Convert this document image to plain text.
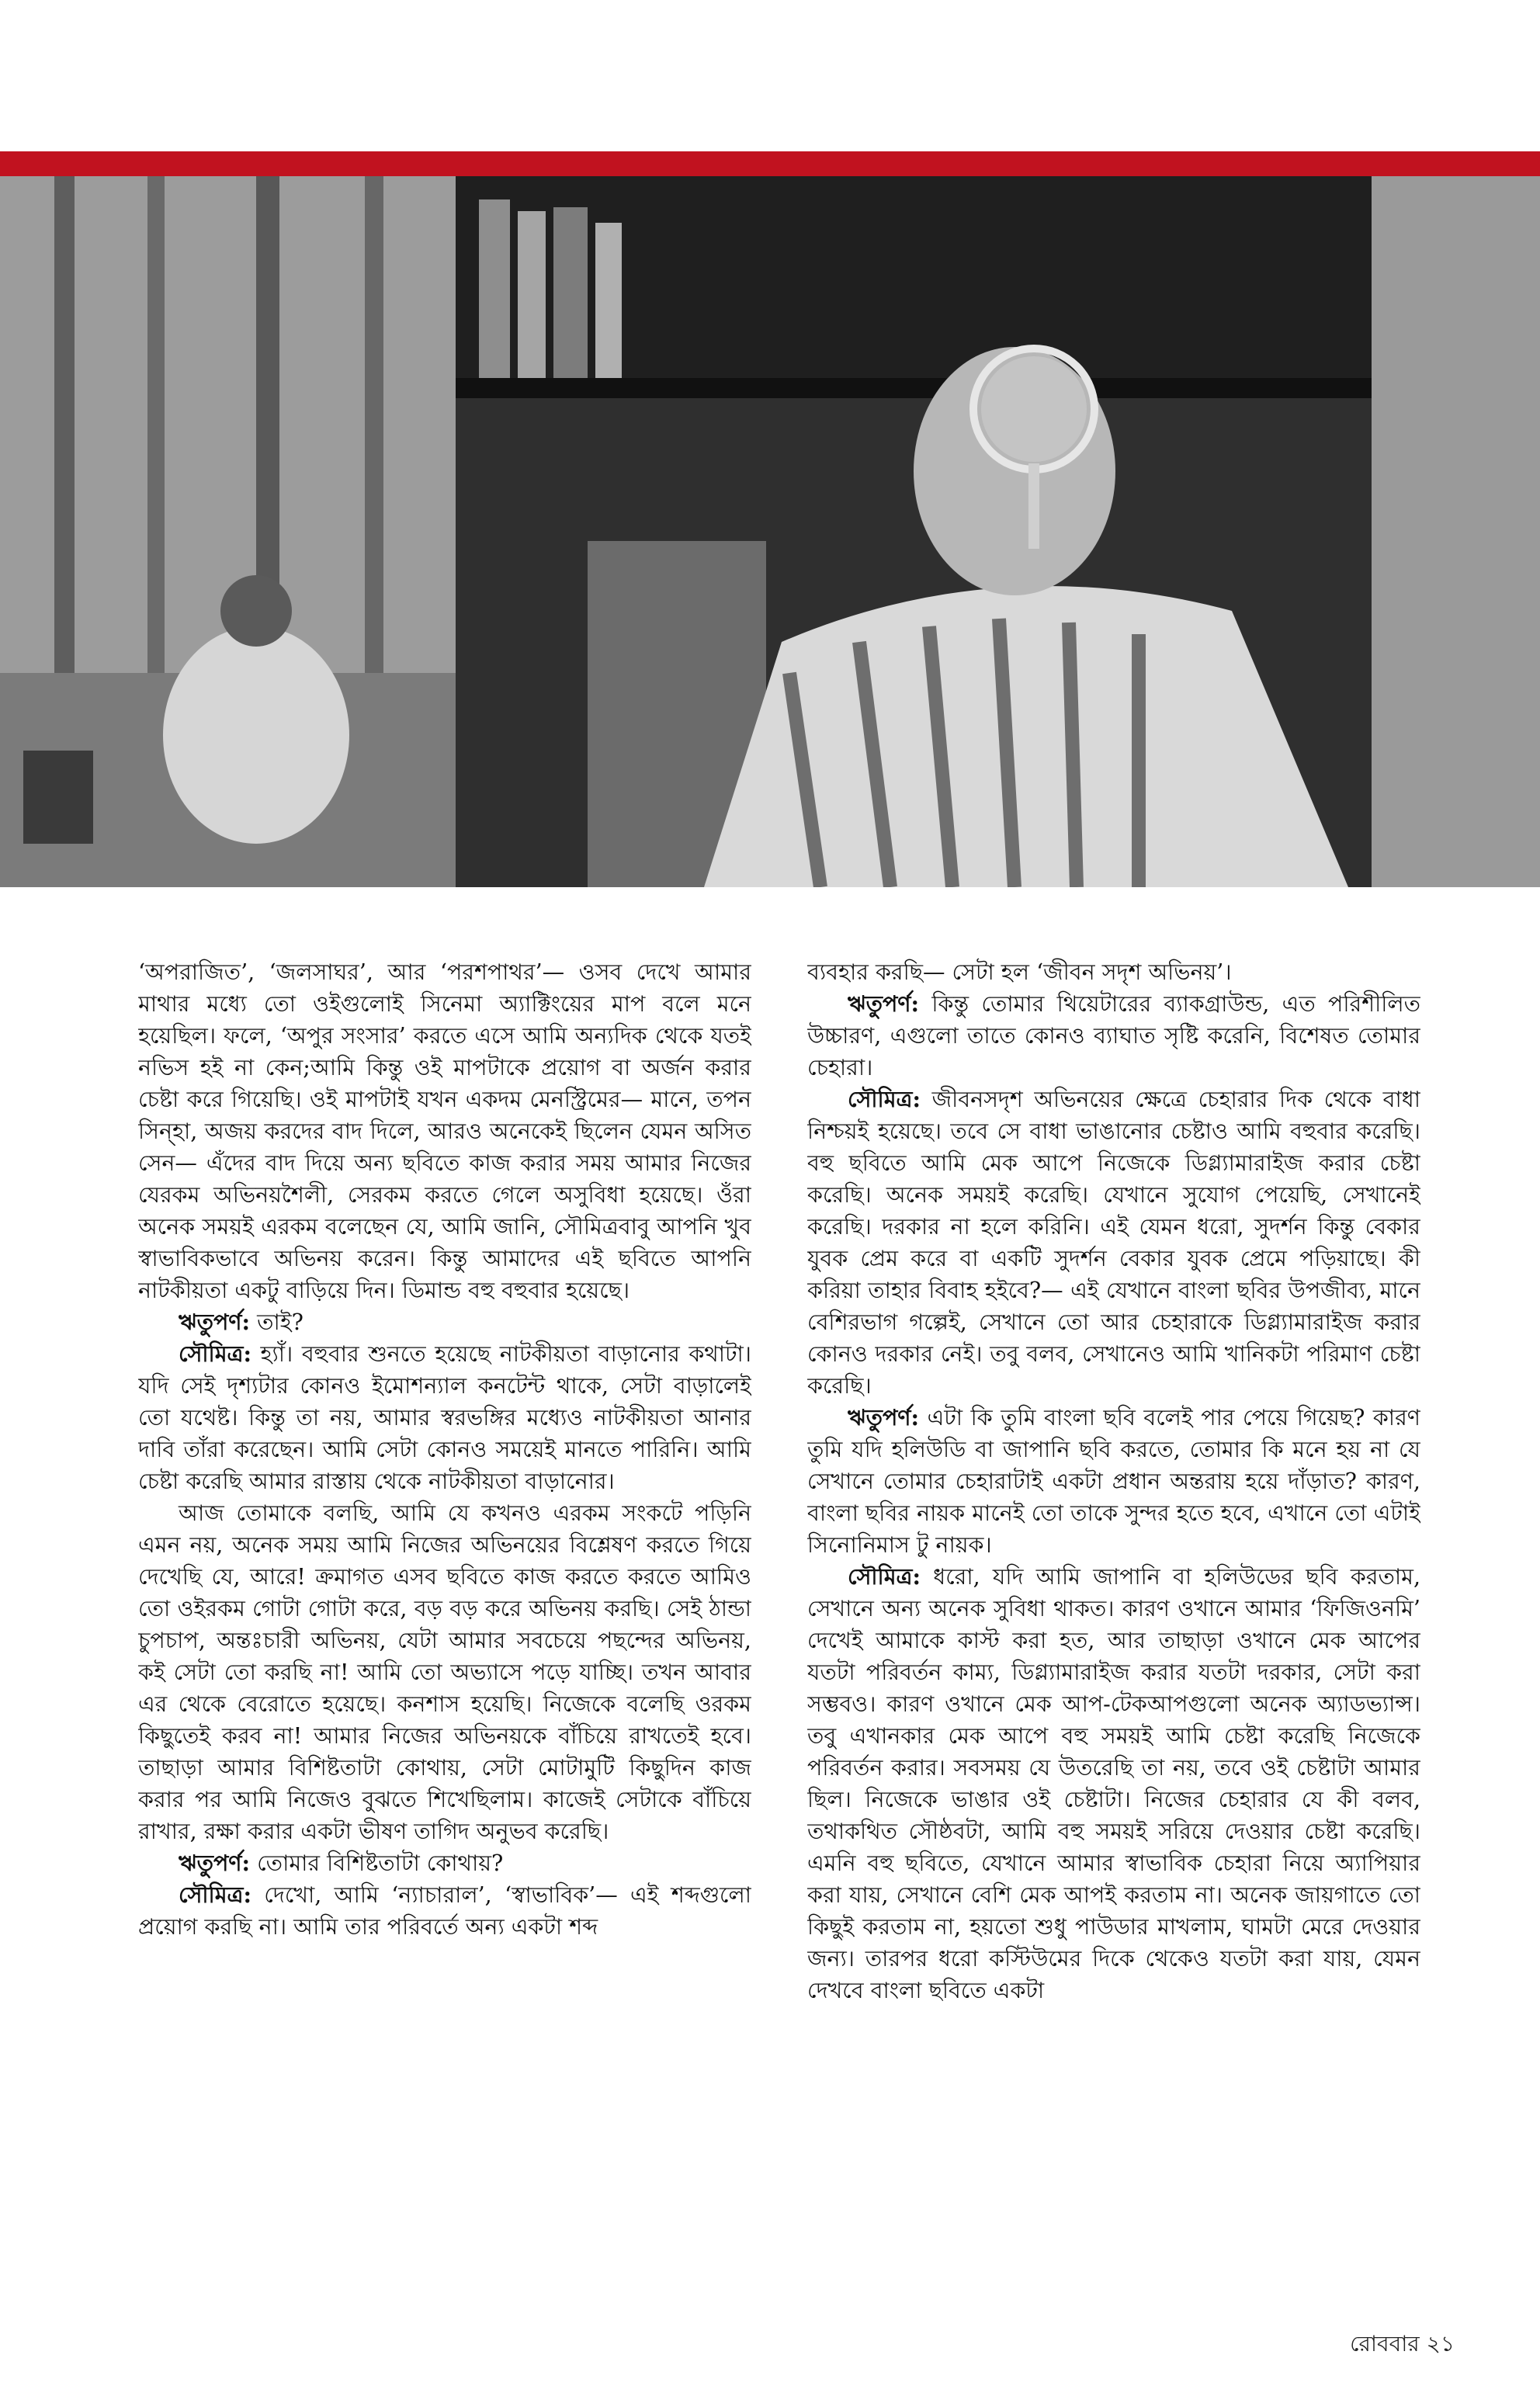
‘অপরাজিত’, ‘জলসাঘর’, আর ‘পরশপাথর’— ওসব দেখে আমার মাথার মধ্যে তো ওইগুলোই সিনেমা অ্যাক্টিংয়ের মাপ বলে মনে হয়েছিল। ফলে, ‘অপুর সংসার’ করতে এসে আমি অন্যদিক থেকে যতই নভিস হই না কেন;আমি কিন্তু ওই মাপটাকে প্রয়োগ বা অর্জন করার চেষ্টা করে গিয়েছি। ওই মাপটাই যখন একদম মেনস্ট্রিমের— মানে, তপন সিন্হা, অজয় করদের বাদ দিলে, আরও অনেকেই ছিলেন যেমন অসিত সেন— এঁদের বাদ দিয়ে অন্য ছবিতে কাজ করার সময় আমার নিজের যেরকম অভিনয়শৈলী, সেরকম করতে গেলে অসুবিধা হয়েছে। ওঁরা অনেক সময়ই এরকম বলেছেন যে, আমি জানি, সৌমিত্রবাবু আপনি খুব স্বাভাবিকভাবে অভিনয় করেন। কিন্তু আমাদের এই ছবিতে আপনি নাটকীয়তা একটু বাড়িয়ে দিন। ডিমান্ড বহু বহুবার হয়েছে।

ঋতুপর্ণ: তাই?

সৌমিত্র: হ্যাঁ। বহুবার শুনতে হয়েছে নাটকীয়তা বাড়ানোর কথাটা। যদি সেই দৃশ্যটার কোনও ইমোশন্যাল কনটেন্ট থাকে, সেটা বাড়ালেই তো যথেষ্ট। কিন্তু তা নয়, আমার স্বরভঙ্গির মধ্যেও নাটকীয়তা আনার দাবি তাঁরা করেছেন। আমি সেটা কোনও সময়েই মানতে পারিনি। আমি চেষ্টা করেছি আমার রাস্তায় থেকে নাটকীয়তা বাড়ানোর।

আজ তোমাকে বলছি, আমি যে কখনও এরকম সংকটে পড়িনি এমন নয়, অনেক সময় আমি নিজের অভিনয়ের বিশ্লেষণ করতে গিয়ে দেখেছি যে, আরে! ক্রমাগত এসব ছবিতে কাজ করতে করতে আমিও তো ওইরকম গোটা গোটা করে, বড় বড় করে অভিনয় করছি। সেই ঠান্ডা চুপচাপ, অন্তঃচারী অভিনয়, যেটা আমার সবচেয়ে পছন্দের অভিনয়, কই সেটা তো করছি না! আমি তো অভ্যাসে পড়ে যাচ্ছি। তখন আবার এর থেকে বেরোতে হয়েছে। কনশাস হয়েছি। নিজেকে বলেছি ওরকম কিছুতেই করব না! আমার নিজের অভিনয়কে বাঁচিয়ে রাখতেই হবে। তাছাড়া আমার বিশিষ্টতাটা কোথায়, সেটা মোটামুটি কিছুদিন কাজ করার পর আমি নিজেও বুঝতে শিখেছিলাম। কাজেই সেটাকে বাঁচিয়ে রাখার, রক্ষা করার একটা ভীষণ তাগিদ অনুভব করেছি।

ঋতুপর্ণ: তোমার বিশিষ্টতাটা কোথায়?

সৌমিত্র: দেখো, আমি ‘ন্যাচারাল’, ‘স্বাভাবিক’— এই শব্দগুলো প্রয়োগ করছি না। আমি তার পরিবর্তে অন্য একটা শব্দ

ব্যবহার করছি— সেটা হল ‘জীবন সদৃশ অভিনয়’।

ঋতুপর্ণ: কিন্তু তোমার থিয়েটারের ব্যাকগ্রাউন্ড, এত পরিশীলিত উচ্চারণ, এগুলো তাতে কোনও ব্যাঘাত সৃষ্টি করেনি, বিশেষত তোমার চেহারা।

সৌমিত্র: জীবনসদৃশ অভিনয়ের ক্ষেত্রে চেহারার দিক থেকে বাধা নিশ্চয়ই হয়েছে। তবে সে বাধা ভাঙানোর চেষ্টাও আমি বহুবার করেছি। বহু ছবিতে আমি মেক আপে নিজেকে ডিগ্ল্যামারাইজ করার চেষ্টা করেছি। অনেক সময়ই করেছি। যেখানে সুযোগ পেয়েছি, সেখানেই করেছি। দরকার না হলে করিনি। এই যেমন ধরো, সুদর্শন কিন্তু বেকার যুবক প্রেম করে বা একটি সুদর্শন বেকার যুবক প্রেমে পড়িয়াছে। কী করিয়া তাহার বিবাহ হইবে?— এই যেখানে বাংলা ছবির উপজীব্য, মানে বেশিরভাগ গল্পেই, সেখানে তো আর চেহারাকে ডিগ্ল্যামারাইজ করার কোনও দরকার নেই। তবু বলব, সেখানেও আমি খানিকটা পরিমাণ চেষ্টা করেছি।

ঋতুপর্ণ: এটা কি তুমি বাংলা ছবি বলেই পার পেয়ে গিয়েছ? কারণ তুমি যদি হলিউডি বা জাপানি ছবি করতে, তোমার কি মনে হয় না যে সেখানে তোমার চেহারাটাই একটা প্রধান অন্তরায় হয়ে দাঁড়াত? কারণ, বাংলা ছবির নায়ক মানেই তো তাকে সুন্দর হতে হবে, এখানে তো এটাই সিনোনিমাস টু নায়ক।

সৌমিত্র: ধরো, যদি আমি জাপানি বা হলিউডের ছবি করতাম, সেখানে অন্য অনেক সুবিধা থাকত। কারণ ওখানে আমার ‘ফিজিওনমি’ দেখেই আমাকে কাস্ট করা হত, আর তাছাড়া ওখানে মেক আপের যতটা পরিবর্তন কাম্য, ডিগ্ল্যামারাইজ করার যতটা দরকার, সেটা করা সম্ভবও। কারণ ওখানে মেক আপ-টেকআপগুলো অনেক অ্যাডভ্যান্স। তবু এখানকার মেক আপে বহু সময়ই আমি চেষ্টা করেছি নিজেকে পরিবর্তন করার। সবসময় যে উতরেছি তা নয়, তবে ওই চেষ্টাটা আমার ছিল। নিজেকে ভাঙার ওই চেষ্টাটা। নিজের চেহারার যে কী বলব, তথাকথিত সৌষ্ঠবটা, আমি বহু সময়ই সরিয়ে দেওয়ার চেষ্টা করেছি। এমনি বহু ছবিতে, যেখানে আমার স্বাভাবিক চেহারা নিয়ে অ্যাপিয়ার করা যায়, সেখানে বেশি মেক আপই করতাম না। অনেক জায়গাতে তো কিছুই করতাম না, হয়তো শুধু পাউডার মাখলাম, ঘামটা মেরে দেওয়ার জন্য। তারপর ধরো কস্টিউমের দিকে থেকেও যতটা করা যায়, যেমন দেখবে বাংলা ছবিতে একটা

রোববার ২১
